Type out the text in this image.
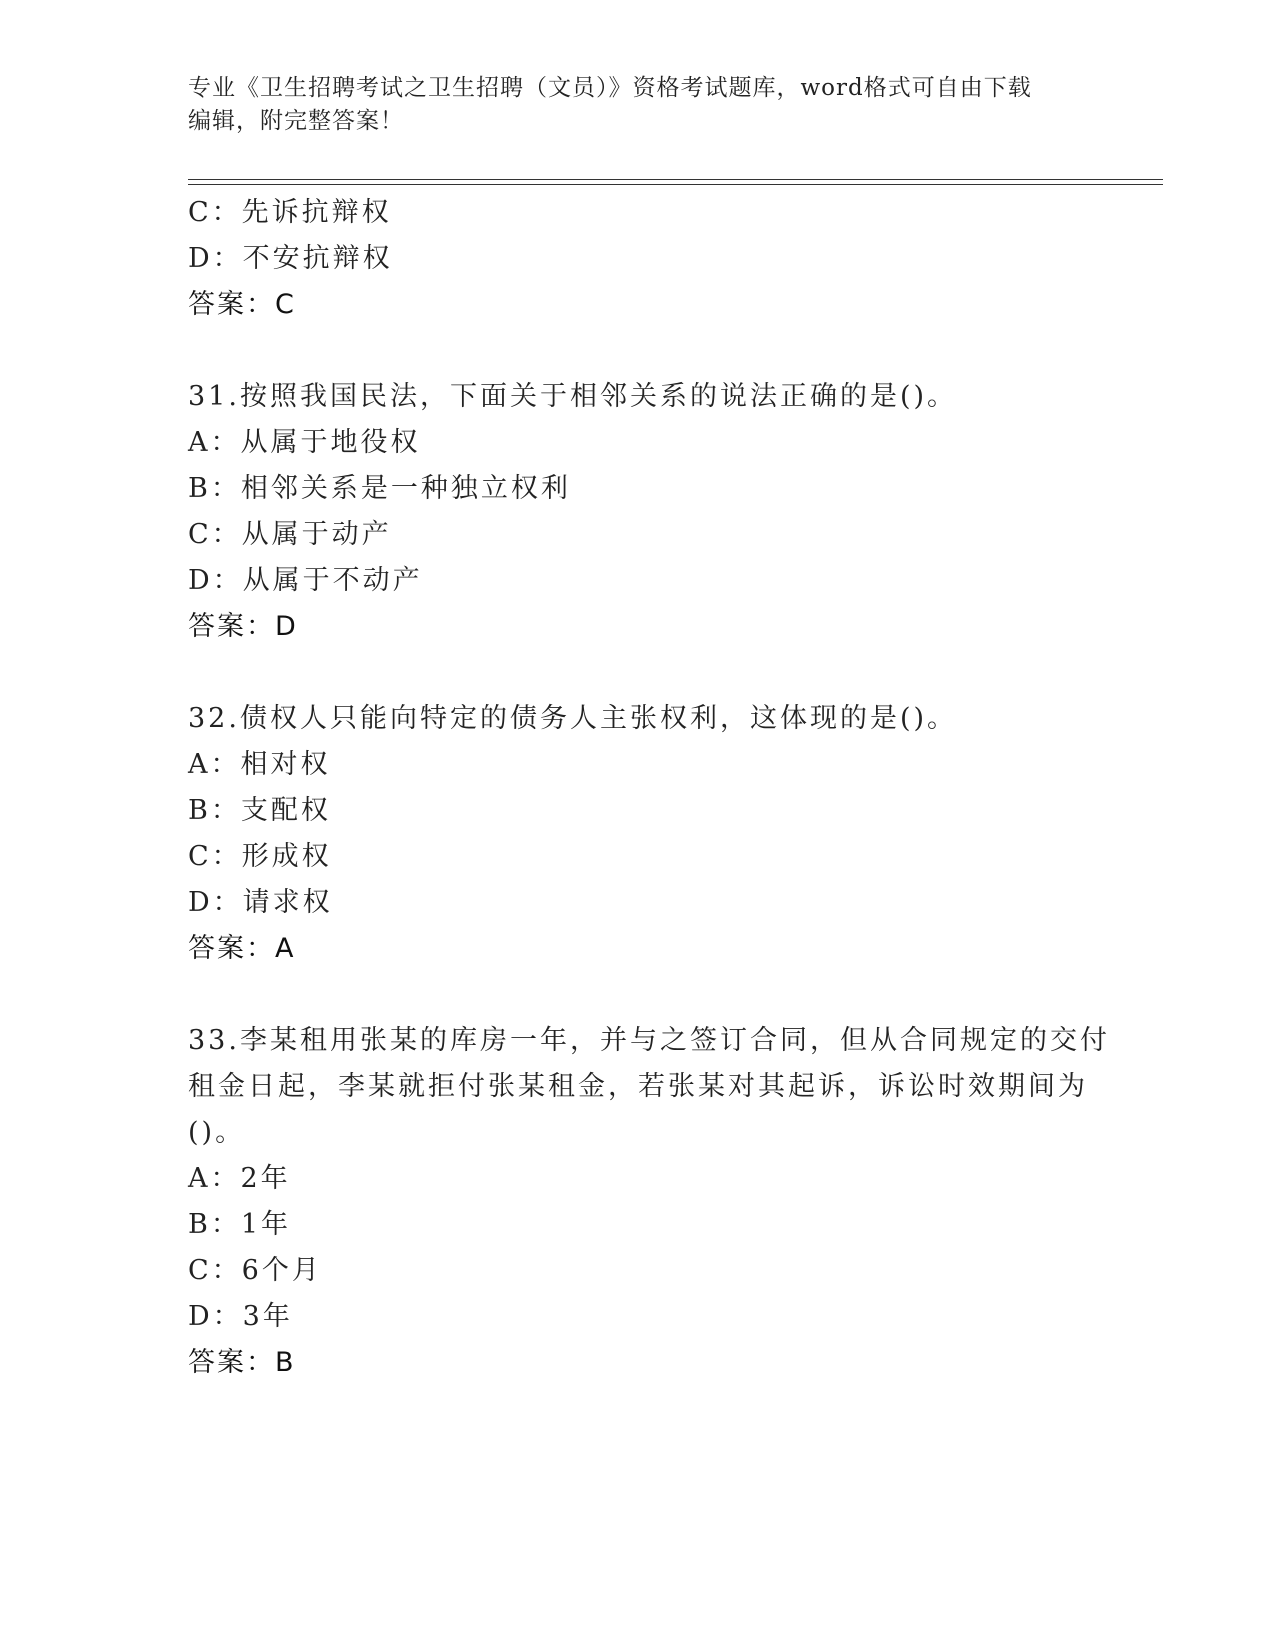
专业《卫生招聘考试之卫生招聘（文员）》资格考试题库，word格式可自由下载
编辑，附完整答案！
C：先诉抗辩权
D：不安抗辩权
答案：C
31.按照我国民法，下面关于相邻关系的说法正确的是()。
A：从属于地役权
B：相邻关系是一种独立权利
C：从属于动产
D：从属于不动产
答案：D
32.债权人只能向特定的债务人主张权利，这体现的是()。
A：相对权
B：支配权
C：形成权
D：请求权
答案：A
33.李某租用张某的库房一年，并与之签订合同，但从合同规定的交付
租金日起，李某就拒付张某租金，若张某对其起诉，诉讼时效期间为
()。
A：2年
B：1年
C：6个月
D：3年
答案：B
